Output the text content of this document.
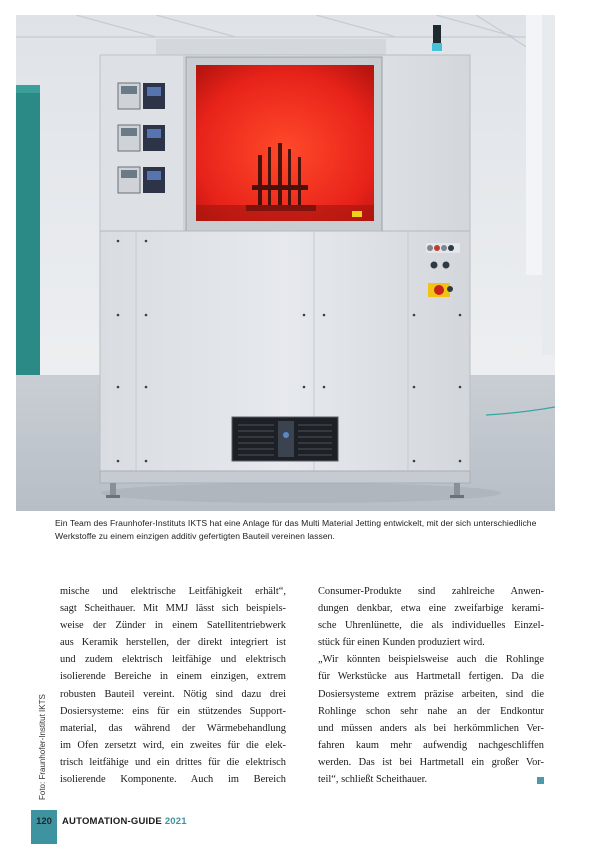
Ein Team des Fraunhofer-Instituts IKTS hat eine Anlage für das Multi Material Jetting entwickelt, mit der sich unterschiedliche Werkstoffe zu einem einzigen additiv gefertigten Bauteil vereinen lassen.
Foto: Fraunhofer-Institut IKTS
mische und elektrische Leitfähigkeit erhält“,
sagt Scheithauer. Mit MMJ lässt sich beispiels-
weise der Zünder in einem Satellitentriebwerk
aus Keramik herstellen, der direkt integriert ist
und zudem elektrisch leitfähige und elektrisch
isolierende Bereiche in einem einzigen, extrem
robusten Bauteil vereint. Nötig sind dazu drei
Dosiersysteme: eins für ein stützendes Support-
material, das während der Wärmebehandlung
im Ofen zersetzt wird, ein zweites für die elek-
trisch leitfähige und ein drittes für die elektrisch
isolierende Komponente. Auch im Bereich
Consumer-Produkte sind zahlreiche Anwen-
dungen denkbar, etwa eine zweifarbige kerami-
sche Uhrenlünette, die als individuelles Einzel-
stück für einen Kunden produziert wird.
„Wir könnten beispielsweise auch die Rohlinge
für Werkstücke aus Hartmetall fertigen. Da die
Dosiersysteme extrem präzise arbeiten, sind die
Rohlinge schon sehr nahe an der Endkontur
und müssen anders als bei herkömmlichen Ver-
fahren kaum mehr aufwendig nachgeschliffen
werden. Das ist bei Hartmetall ein großer Vor-
teil“, schließt Scheithauer.
120	AUTOMATION-GUIDE 2021
